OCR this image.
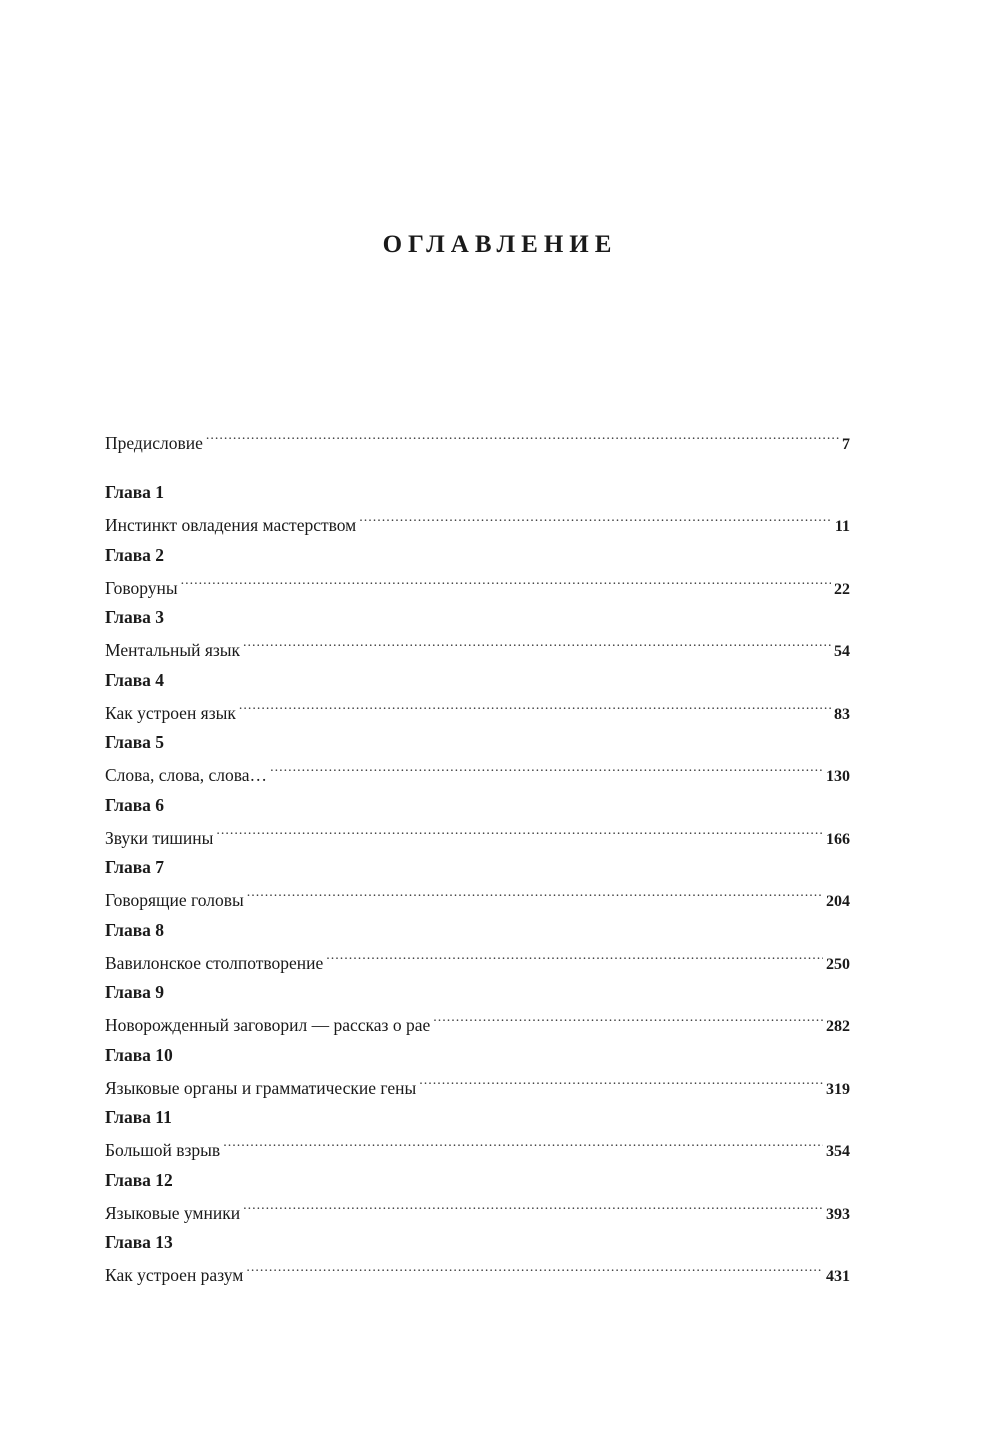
ОГЛАВЛЕНИЕ
Предисловие .....	7
Глава 1
Инстинкт овладения мастерством .....	11
Глава 2
Говоруны .....	22
Глава 3
Ментальный язык .....	54
Глава 4
Как устроен язык .....	83
Глава 5
Слова, слова, слова… .....	130
Глава 6
Звуки тишины .....	166
Глава 7
Говорящие головы .....	204
Глава 8
Вавилонское столпотворение .....	250
Глава 9
Новорожденный заговорил — рассказ о рае .....	282
Глава 10
Языковые органы и грамматические гены .....	319
Глава 11
Большой взрыв .....	354
Глава 12
Языковые умники .....	393
Глава 13
Как устроен разум .....	431
